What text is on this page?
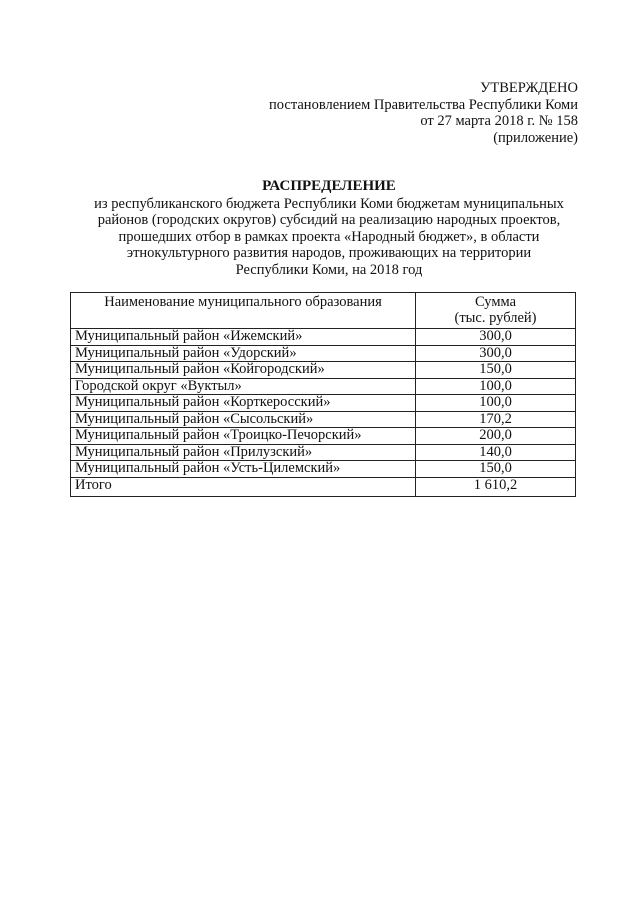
УТВЕРЖДЕНО
постановлением Правительства Республики Коми
от 27 марта 2018 г. № 158
(приложение)
РАСПРЕДЕЛЕНИЕ
из республиканского бюджета Республики Коми бюджетам муниципальных
районов (городских округов) субсидий на реализацию народных проектов,
прошедших отбор в рамках проекта «Народный бюджет», в области
этнокультурного развития народов, проживающих на территории
Республики Коми, на 2018 год
Наименование муниципального образования	Сумма
(тыс. рублей)

Муниципальный район «Ижемский»	300,0
Муниципальный район «Удорский»	300,0
Муниципальный район «Койгородский»	150,0
Городской округ «Вуктыл»	100,0
Муниципальный район «Корткеросский»	100,0
Муниципальный район «Сысольский»	170,2
Муниципальный район «Троицко-Печорский»	200,0
Муниципальный район «Прилузский»	140,0
Муниципальный район «Усть-Цилемский»	150,0
Итого	1 610,2
